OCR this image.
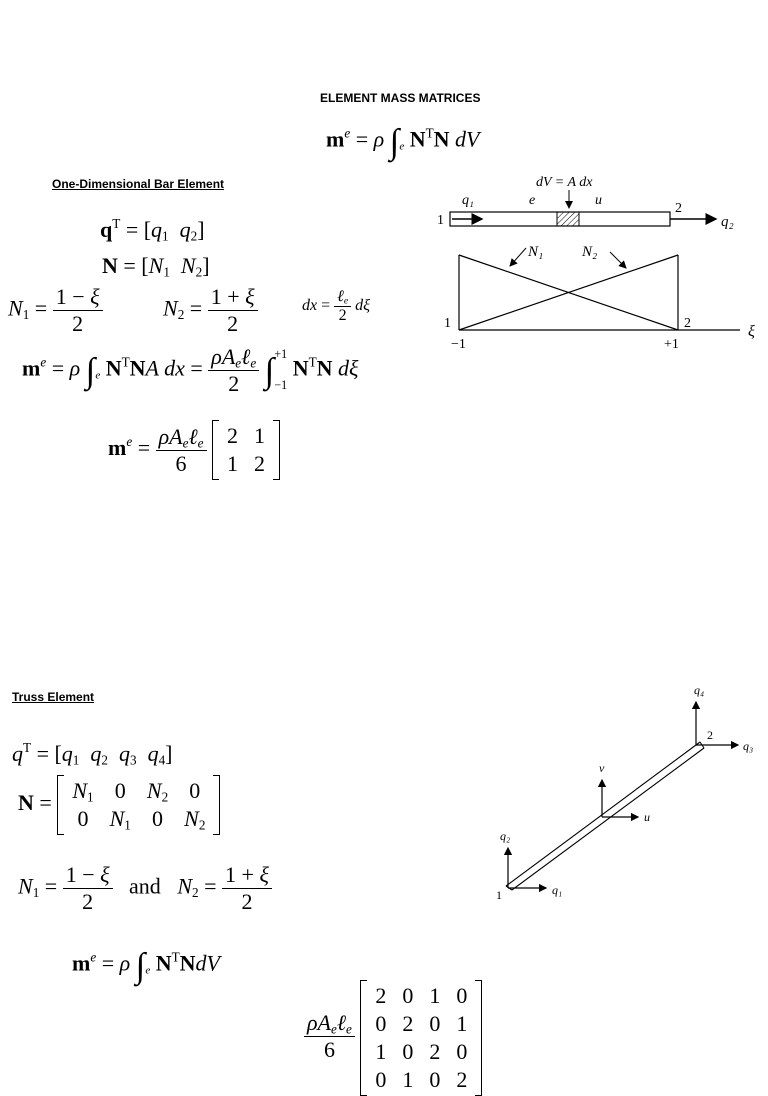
ELEMENT MASS MATRICES
$m^e = \rho$ $\int_e$ $N^TN$ dV
One-Dimensional Bar Element
$q^T = [q_1$ $q_2$]
$N = [N_1$ $N_2$]
$N_1 = \frac{1 - \xi}{2}$	$N_2 = \frac{1 + \xi}{2}$	dx = $\frac{\ell_e}{2}$ dξ
$m^e = \rho$ $\int_e$ $N^TNA$ dx = $\frac{\rho A_e\ell_e}{2} \int+1$

−1 $N^TN$ dξ
$m^e = \frac{\rho A_e\ell_e}{6}$
2	1
1	2
dV = A dx
q₁	e	u
1
2
q₂
N₁	N₂
1	2	ξ
−1	+1
Truss Element
$q^T = [q_1$ $q_2$ $q_3$ $q_4$]
$N = N_1$	0	$N_2$	0
0	$N_1$	0	$N_2$
$N_1 = \frac{1 - \xi}{2}$ and   $N_2 = \frac{1 + \xi}{2}$
$m^e = \rho$ $\int_e$ $N^TNdV$
$\frac{\rho A_e\ell_e}{6}$

2	0	1	0
0	2	0	1
1	0	2	0
0	1	0	2
q₄
2
q₃
v
u
q₂
1	q₁
